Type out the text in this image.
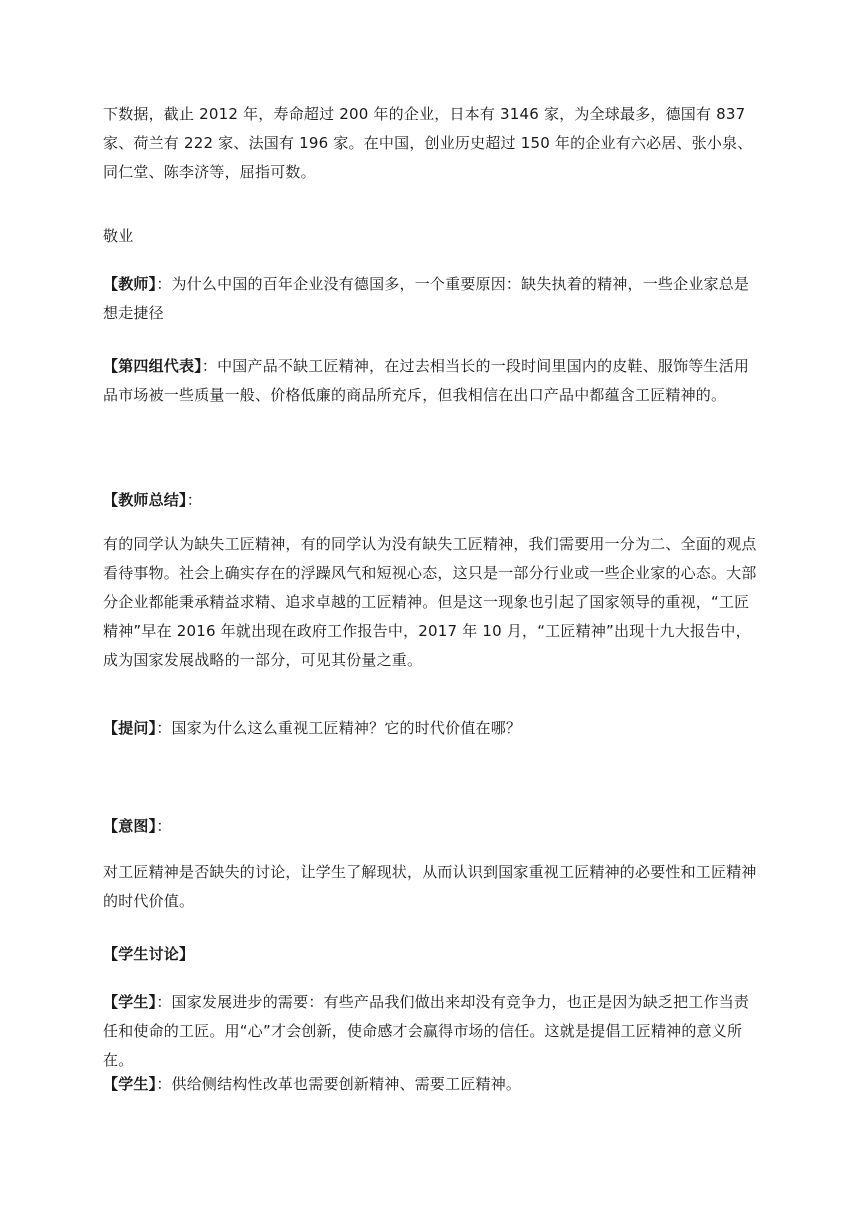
下数据，截止 2012 年，寿命超过 200 年的企业，日本有 3146 家，为全球最多，德国有 837 家、荷兰有 222 家、法国有 196 家。在中国，创业历史超过 150 年的企业有六必居、张小泉、同仁堂、陈李济等，屈指可数。

敬业

【教师】：为什么中国的百年企业没有德国多，一个重要原因：缺失执着的精神，一些企业家总是想走捷径

【第四组代表】：中国产品不缺工匠精神，在过去相当长的一段时间里国内的皮鞋、服饰等生活用品市场被一些质量一般、价格低廉的商品所充斥，但我相信在出口产品中都蕴含工匠精神的。

【教师总结】：

有的同学认为缺失工匠精神，有的同学认为没有缺失工匠精神，我们需要用一分为二、全面的观点看待事物。社会上确实存在的浮躁风气和短视心态，这只是一部分行业或一些企业家的心态。大部分企业都能秉承精益求精、追求卓越的工匠精神。但是这一现象也引起了国家领导的重视，“工匠精神”早在 2016 年就出现在政府工作报告中，2017 年 10 月，“工匠精神”出现十九大报告中，成为国家发展战略的一部分，可见其份量之重。

【提问】：国家为什么这么重视工匠精神？它的时代价值在哪？

【意图】：

对工匠精神是否缺失的讨论，让学生了解现状，从而认识到国家重视工匠精神的必要性和工匠精神的时代价值。

【学生讨论】

【学生】：国家发展进步的需要：有些产品我们做出来却没有竞争力，也正是因为缺乏把工作当责任和使命的工匠。用“心”才会创新，使命感才会赢得市场的信任。这就是提倡工匠精神的意义所在。

【学生】：供给侧结构性改革也需要创新精神、需要工匠精神。
